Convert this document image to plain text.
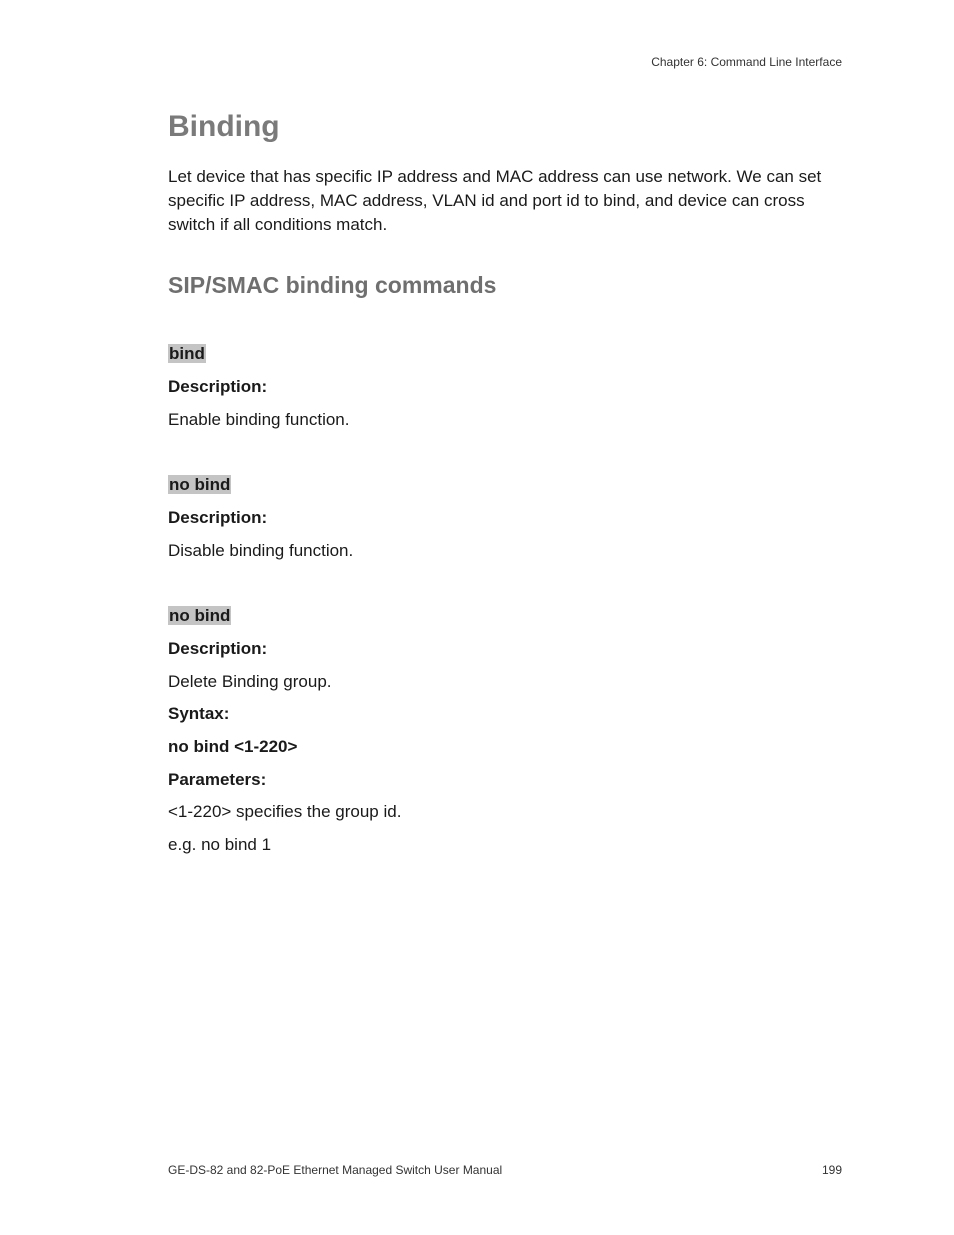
Chapter 6: Command Line Interface
Binding

Let device that has specific IP address and MAC address can use network. We can set specific IP address, MAC address, VLAN id and port id to bind, and device can cross switch if all conditions match.

SIP/SMAC binding commands
bind
Description:
Enable binding function.
no bind
Description:
Disable binding function.
no bind
Description:
Delete Binding group.
Syntax:
no bind <1-220>
Parameters:
<1-220> specifies the group id.
e.g. no bind 1
GE-DS-82 and 82-PoE Ethernet Managed Switch User Manual	199
